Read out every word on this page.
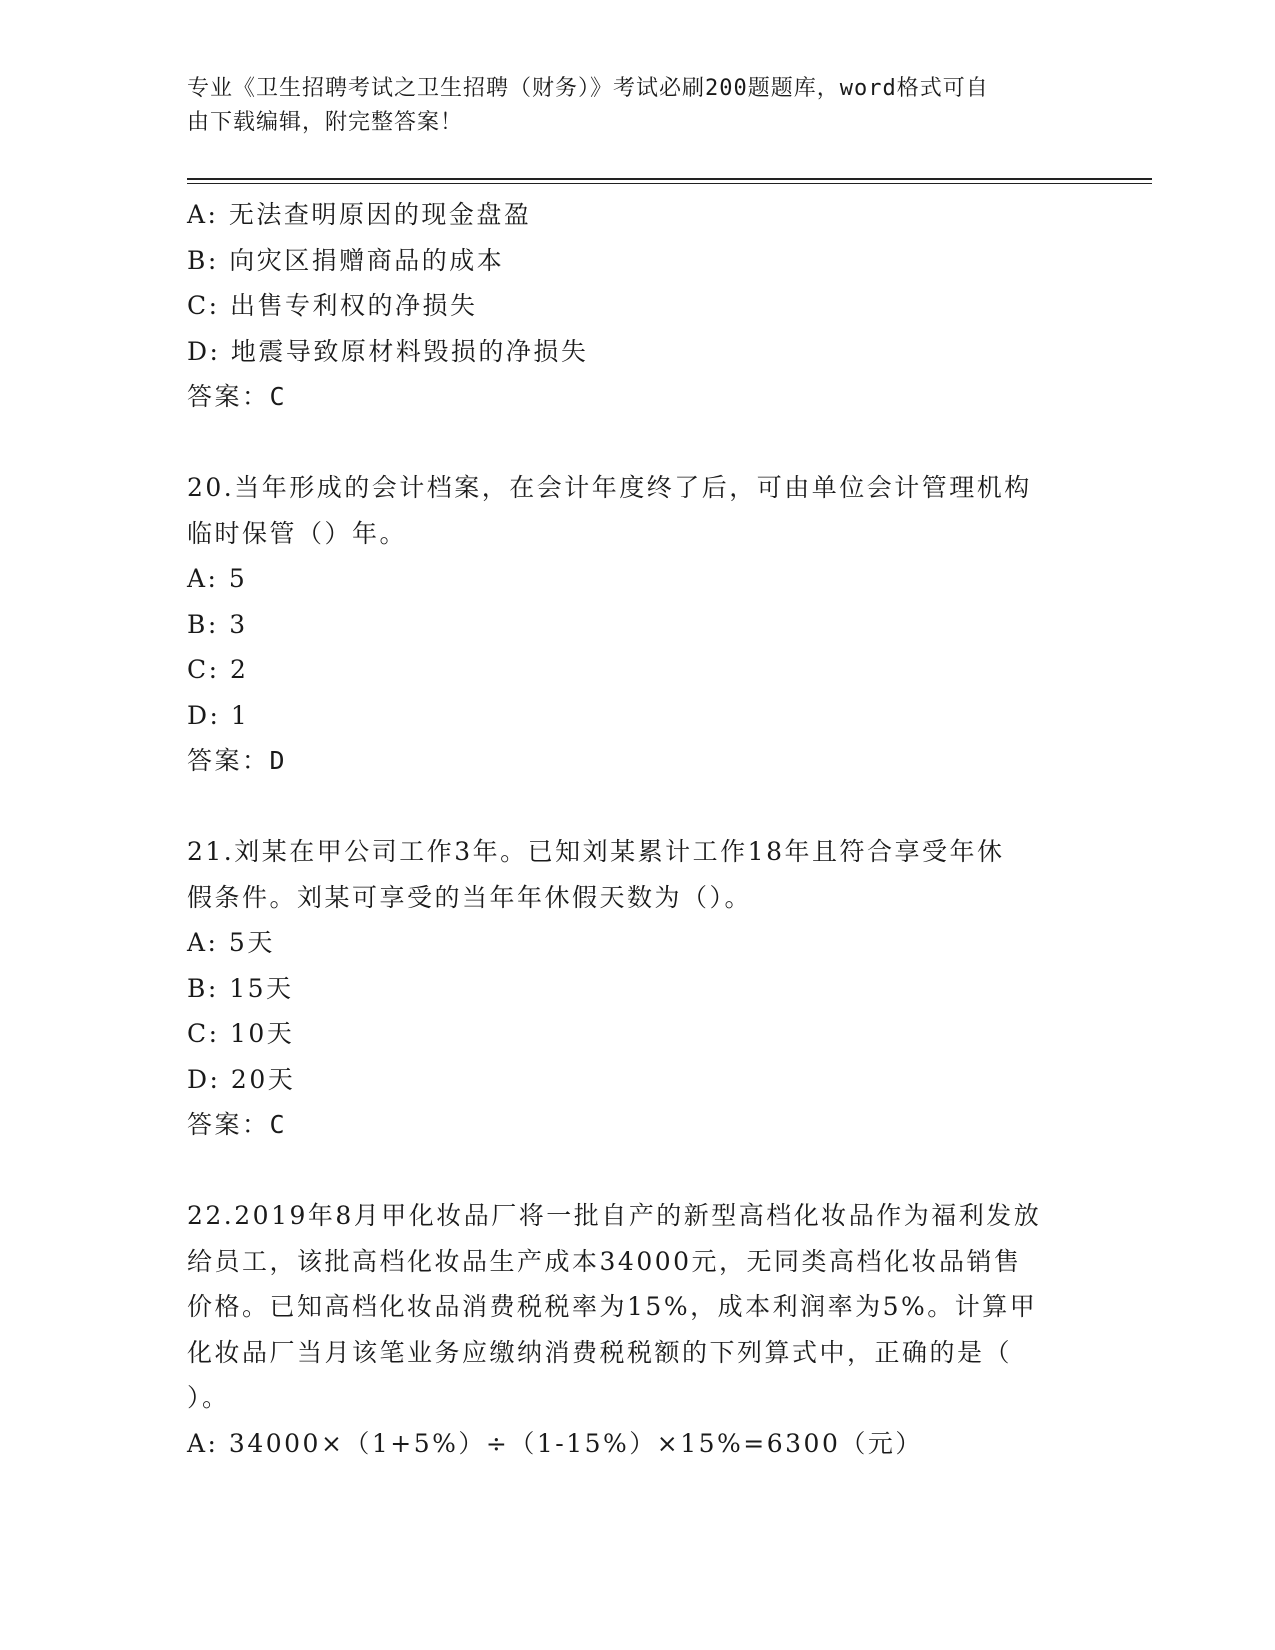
专业《卫生招聘考试之卫生招聘（财务）》考试必刷200题题库，word格式可自
由下载编辑，附完整答案！
A: 无法查明原因的现金盘盈
B: 向灾区捐赠商品的成本
C: 出售专利权的净损失
D: 地震导致原材料毁损的净损失
答案：C
20.当年形成的会计档案，在会计年度终了后，可由单位会计管理机构
临时保管（）年。
A: 5
B: 3
C: 2
D: 1
答案：D
21.刘某在甲公司工作3年。已知刘某累计工作18年且符合享受年休
假条件。刘某可享受的当年年休假天数为（）。
A: 5天
B: 15天
C: 10天
D: 20天
答案：C
22.2019年8月甲化妆品厂将一批自产的新型高档化妆品作为福利发放
给员工，该批高档化妆品生产成本34000元，无同类高档化妆品销售
价格。已知高档化妆品消费税税率为15%，成本利润率为5%。计算甲
化妆品厂当月该笔业务应缴纳消费税税额的下列算式中，正确的是（
）。
A: 34000×（1+5%）÷（1-15%）×15%=6300（元）
